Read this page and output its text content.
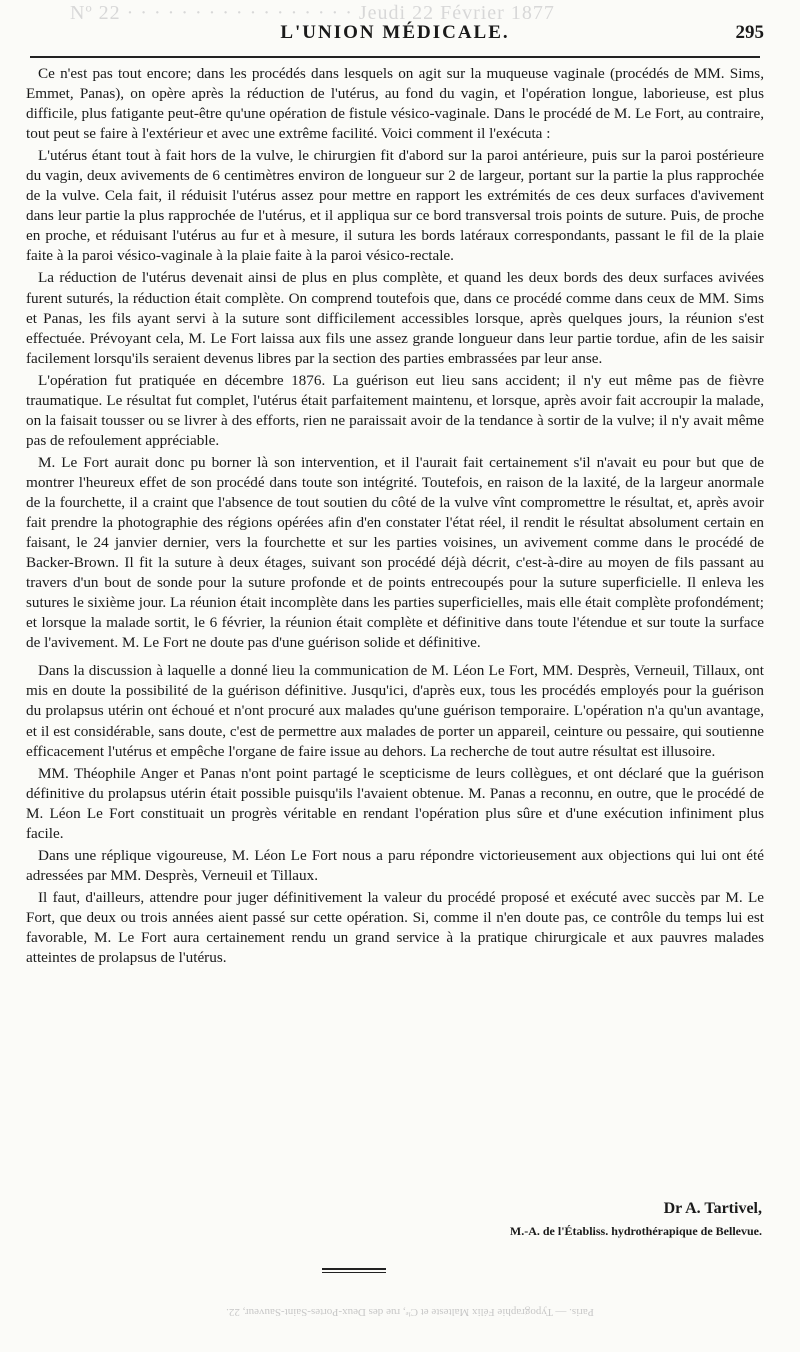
Nº 22 · · · · · · · · · · · · · · · · · Jeudi 22 Février 1877
L'UNION MÉDICALE.	295

Ce n'est pas tout encore; dans les procédés dans lesquels on agit sur la muqueuse vaginale (procédés de MM. Sims, Emmet, Panas), on opère après la réduction de l'utérus, au fond du vagin, et l'opération longue, laborieuse, est plus difficile, plus fatigante peut-être qu'une opération de fistule vésico-vaginale. Dans le procédé de M. Le Fort, au contraire, tout peut se faire à l'extérieur et avec une extrême facilité. Voici comment il l'exécuta :

L'utérus étant tout à fait hors de la vulve, le chirurgien fit d'abord sur la paroi antérieure, puis sur la paroi postérieure du vagin, deux avivements de 6 centimètres environ de longueur sur 2 de largeur, portant sur la partie la plus rapprochée de la vulve. Cela fait, il réduisit l'utérus assez pour mettre en rapport les extrémités de ces deux surfaces d'avivement dans leur partie la plus rapprochée de l'utérus, et il appliqua sur ce bord transversal trois points de suture. Puis, de proche en proche, et réduisant l'utérus au fur et à mesure, il sutura les bords latéraux correspondants, passant le fil de la plaie faite à la paroi vésico-vaginale à la plaie faite à la paroi vésico-rectale.

La réduction de l'utérus devenait ainsi de plus en plus complète, et quand les deux bords des deux surfaces avivées furent suturés, la réduction était complète. On comprend toutefois que, dans ce procédé comme dans ceux de MM. Sims et Panas, les fils ayant servi à la suture sont difficilement accessibles lorsque, après quelques jours, la réunion s'est effectuée. Prévoyant cela, M. Le Fort laissa aux fils une assez grande longueur dans leur partie tordue, afin de les saisir facilement lorsqu'ils seraient devenus libres par la section des parties embrassées par leur anse.

L'opération fut pratiquée en décembre 1876. La guérison eut lieu sans accident; il n'y eut même pas de fièvre traumatique. Le résultat fut complet, l'utérus était parfaitement maintenu, et lorsque, après avoir fait accroupir la malade, on la faisait tousser ou se livrer à des efforts, rien ne paraissait avoir de la tendance à sortir de la vulve; il n'y avait même pas de refoulement appréciable.

M. Le Fort aurait donc pu borner là son intervention, et il l'aurait fait certainement s'il n'avait eu pour but que de montrer l'heureux effet de son procédé dans toute son intégrité. Toutefois, en raison de la laxité, de la largeur anormale de la fourchette, il a craint que l'absence de tout soutien du côté de la vulve vînt compromettre le résultat, et, après avoir fait prendre la photographie des régions opérées afin d'en constater l'état réel, il rendit le résultat absolument certain en faisant, le 24 janvier dernier, vers la fourchette et sur les parties voisines, un avivement comme dans le procédé de Backer-Brown. Il fit la suture à deux étages, suivant son procédé déjà décrit, c'est-à-dire au moyen de fils passant au travers d'un bout de sonde pour la suture profonde et de points entrecoupés pour la suture superficielle. Il enleva les sutures le sixième jour. La réunion était incomplète dans les parties superficielles, mais elle était complète profondément; et lorsque la malade sortit, le 6 février, la réunion était complète et définitive dans toute l'étendue et sur toute la surface de l'avivement. M. Le Fort ne doute pas d'une guérison solide et définitive.

Dans la discussion à laquelle a donné lieu la communication de M. Léon Le Fort, MM. Desprès, Verneuil, Tillaux, ont mis en doute la possibilité de la guérison définitive. Jusqu'ici, d'après eux, tous les procédés employés pour la guérison du prolapsus utérin ont échoué et n'ont procuré aux malades qu'une guérison temporaire. L'opération n'a qu'un avantage, et il est considérable, sans doute, c'est de permettre aux malades de porter un appareil, ceinture ou pessaire, qui soutienne efficacement l'utérus et empêche l'organe de faire issue au dehors. La recherche de tout autre résultat est illusoire.

MM. Théophile Anger et Panas n'ont point partagé le scepticisme de leurs collègues, et ont déclaré que la guérison définitive du prolapsus utérin était possible puisqu'ils l'avaient obtenue. M. Panas a reconnu, en outre, que le procédé de M. Léon Le Fort constituait un progrès véritable en rendant l'opération plus sûre et d'une exécution infiniment plus facile.

Dans une réplique vigoureuse, M. Léon Le Fort nous a paru répondre victorieusement aux objections qui lui ont été adressées par MM. Desprès, Verneuil et Tillaux.

Il faut, d'ailleurs, attendre pour juger définitivement la valeur du procédé proposé et exécuté avec succès par M. Le Fort, que deux ou trois années aient passé sur cette opération. Si, comme il n'en doute pas, ce contrôle du temps lui est favorable, M. Le Fort aura certainement rendu un grand service à la pratique chirurgicale et aux pauvres malades atteintes de prolapsus de l'utérus.

Dr A. Tartivel,
M.-A. de l'Établiss. hydrothérapique de Bellevue.
Paris. — Typographie Félix Malteste et Cⁱᵉ, rue des Deux-Portes-Saint-Sauveur, 22.
